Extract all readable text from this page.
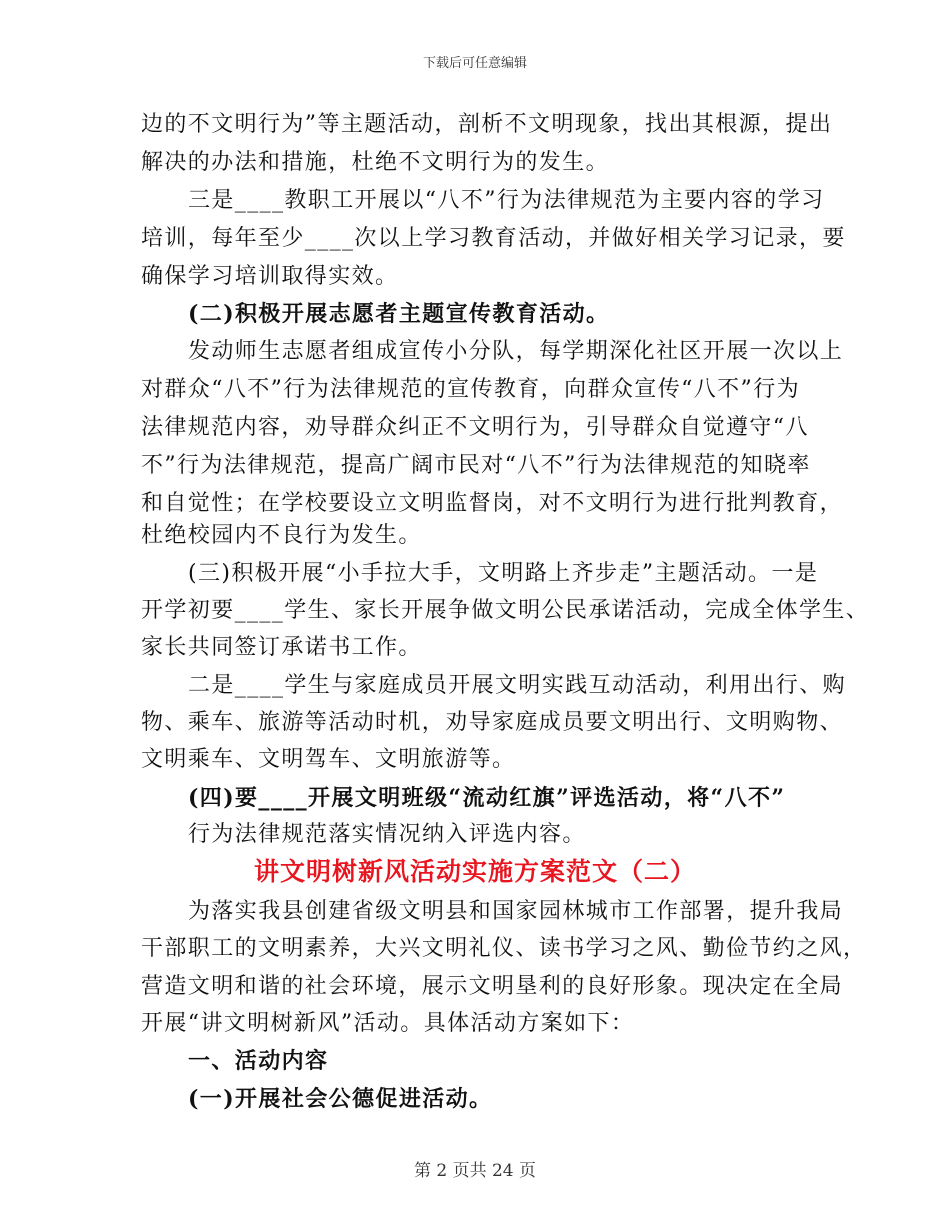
下载后可任意编辑
边的不文明行为”等主题活动，剖析不文明现象，找出其根源，提出
解决的办法和措施，杜绝不文明行为的发生。
三是____教职工开展以“八不”行为法律规范为主要内容的学习
培训，每年至少____次以上学习教育活动，并做好相关学习记录，要
确保学习培训取得实效。
(二)积极开展志愿者主题宣传教育活动。
发动师生志愿者组成宣传小分队，每学期深化社区开展一次以上
对群众“八不”行为法律规范的宣传教育，向群众宣传“八不”行为
法律规范内容，劝导群众纠正不文明行为，引导群众自觉遵守“八
不”行为法律规范，提高广阔市民对“八不”行为法律规范的知晓率
和自觉性；在学校要设立文明监督岗，对不文明行为进行批判教育，
杜绝校园内不良行为发生。
(三)积极开展“小手拉大手，文明路上齐步走”主题活动。一是
开学初要____学生、家长开展争做文明公民承诺活动，完成全体学生、
家长共同签订承诺书工作。
二是____学生与家庭成员开展文明实践互动活动，利用出行、购
物、乘车、旅游等活动时机，劝导家庭成员要文明出行、文明购物、
文明乘车、文明驾车、文明旅游等。
(四)要____开展文明班级“流动红旗”评选活动，将“八不”
行为法律规范落实情况纳入评选内容。
讲文明树新风活动实施方案范文（二）
为落实我县创建省级文明县和国家园林城市工作部署，提升我局
干部职工的文明素养，大兴文明礼仪、读书学习之风、勤俭节约之风，
营造文明和谐的社会环境，展示文明垦利的良好形象。现决定在全局
开展“讲文明树新风”活动。具体活动方案如下：
一、活动内容
(一)开展社会公德促进活动。
第 2 页共 24 页
